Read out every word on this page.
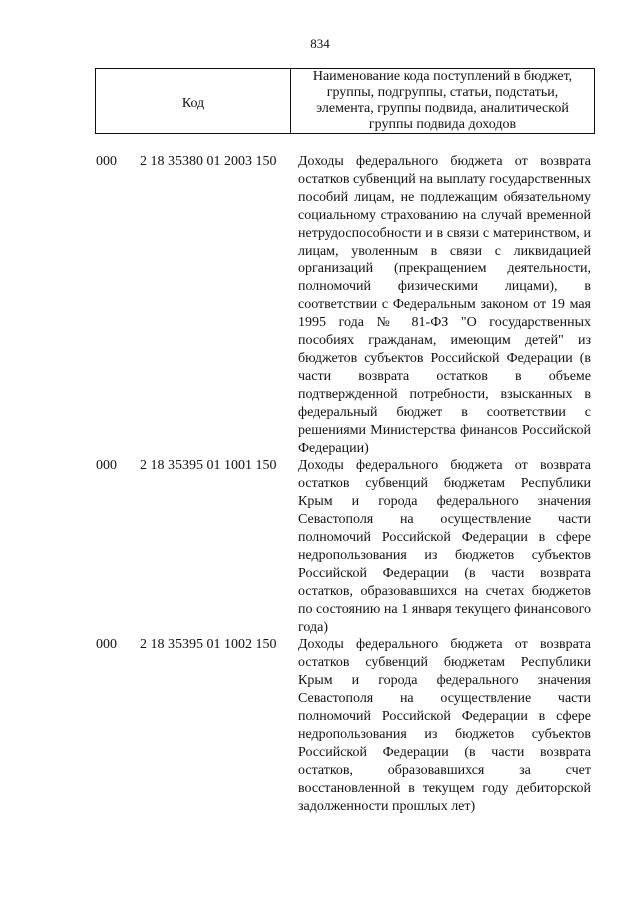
834
Код
Наименование кода поступлений в бюджет, группы, подгруппы, статьи, подстатьи, элемента, группы подвида, аналитической группы подвида доходов
000	2 18 35380 01 2003 150	Доходы федерального бюджета от возврата остатков субвенций на выплату государственных пособий лицам, не подлежащим обязательному социальному страхованию на случай временной нетрудоспособности и в связи с материнством, и лицам, уволенным в связи с ликвидацией организаций (прекращением деятельности, полномочий физическими лицами), в соответствии с Федеральным законом от 19 мая 1995 года № 81-ФЗ "О государственных пособиях гражданам, имеющим детей" из бюджетов субъектов Российской Федерации (в части возврата остатков в объеме подтвержденной потребности, взысканных в федеральный бюджет в соответствии с решениями Министерства финансов Российской Федерации)
000	2 18 35395 01 1001 150	Доходы федерального бюджета от возврата остатков субвенций бюджетам Республики Крым и города федерального значения Севастополя на осуществление части полномочий Российской Федерации в сфере недропользования из бюджетов субъектов Российской Федерации (в части возврата остатков, образовавшихся на счетах бюджетов по состоянию на 1 января текущего финансового года)
000	2 18 35395 01 1002 150	Доходы федерального бюджета от возврата остатков субвенций бюджетам Республики Крым и города федерального значения Севастополя на осуществление части полномочий Российской Федерации в сфере недропользования из бюджетов субъектов Российской Федерации (в части возврата остатков, образовавшихся за счет восстановленной в текущем году дебиторской задолженности прошлых лет)
